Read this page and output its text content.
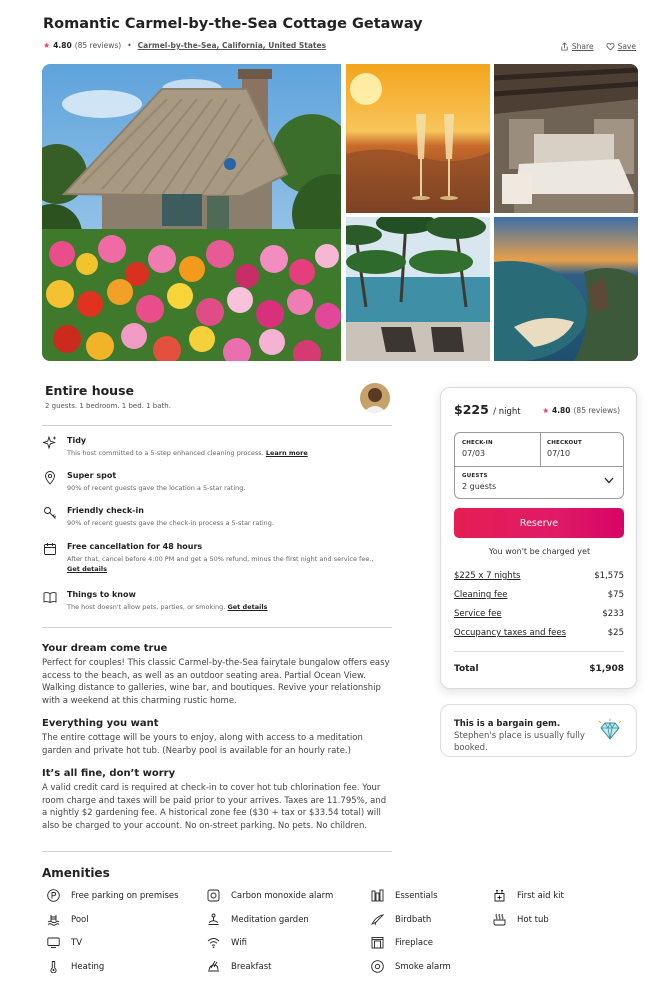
Romantic Carmel-by-the-Sea Cottage Getaway
★ 4.80 (85 reviews) • Carmel-by-the-Sea, California, United States	Share	Save
Entire house
2 guests. 1 bedroom. 1 bed. 1 bath.
Tidy
This host committed to a 5-step enhanced cleaning process. Learn more
Super spot
90% of recent guests gave the location a 5-star rating.
Friendly check-in
90% of recent guests gave the check-in process a 5-star rating.
Free cancellation for 48 hours
After that, cancel before 4:00 PM and get a 50% refund, minus the first night and service fee.,
Get details
Things to know
The host doesn't allow pets, parties, or smoking. Get details
Your dream come true
Perfect for couples! This classic Carmel-by-the-Sea fairytale bungalow offers easy access to the beach, as well as an outdoor seating area. Partial Ocean View. Walking distance to galleries, wine bar, and boutiques. Revive your relationship with a weekend at this charming rustic home.
Everything you want
The entire cottage will be yours to enjoy, along with access to a meditation garden and private hot tub. (Nearby pool is available for an hourly rate.)
It’s all fine, don’t worry
A valid credit card is required at check-in to cover hot tub chlorination fee. Your room charge and taxes will be paid prior to your arrives. Taxes are 11.795%, and a nightly $2 gardening fee. A historical zone fee ($30 + tax or $33.54 total) will also be charged to your account. No on-street parking. No pets. No children.
Amenities
Free parking on premises
Pool
TV
Heating
Carbon monoxide alarm
Meditation garden
Wifi
Breakfast
Essentials
Birdbath
Fireplace
Smoke alarm
First aid kit
Hot tub
$225 / night	★ 4.80 (85 reviews)
CHECK-IN
07/03
CHECKOUT
07/10
GUESTS
2 guests
Reserve
You won't be charged yet
$225 x 7 nights	$1,575
Cleaning fee	$75
Service fee	$233
Occupancy taxes and fees	$25
Total	$1,908
This is a bargain gem. Stephen's place is usually fully booked.
